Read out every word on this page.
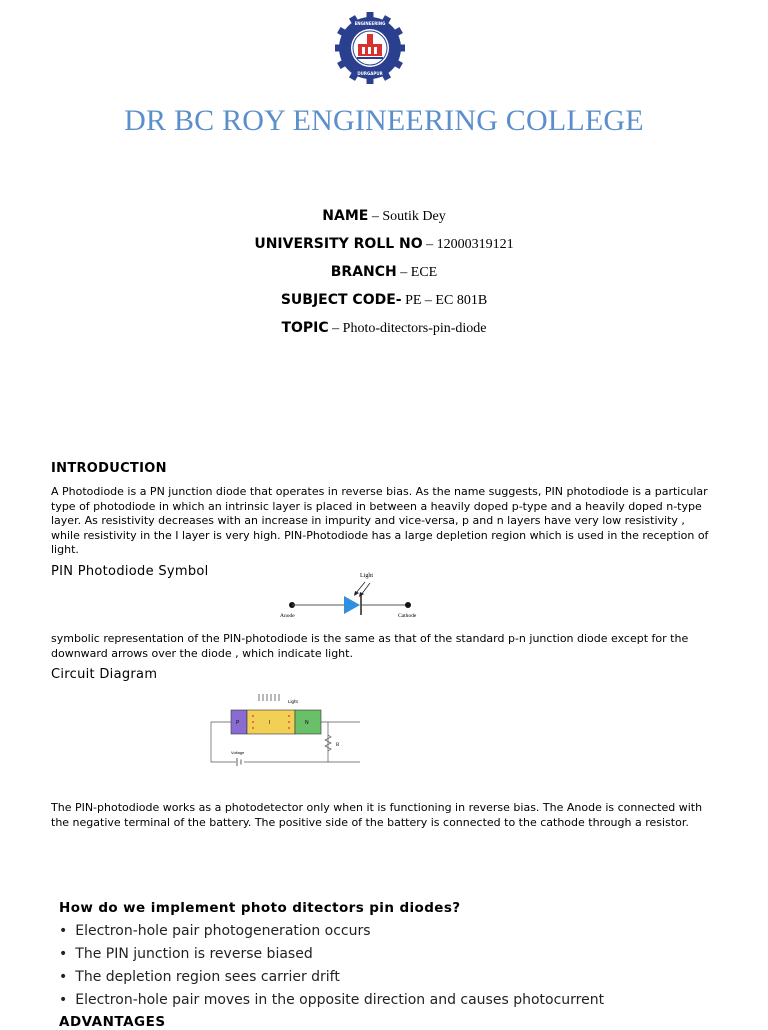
ENGINEERING
DURGAPUR
DR BC ROY ENGINEERING COLLEGE
NAME – Soutik Dey
UNIVERSITY ROLL NO – 12000319121
BRANCH – ECE
SUBJECT CODE- PE – EC 801B
TOPIC – Photo-ditectors-pin-diode
INTRODUCTION
A Photodiode is a PN junction diode that operates in reverse bias. As the name suggests, PIN photodiode is a particular
type of photodiode in which an intrinsic layer is placed in between a heavily doped p-type and a heavily doped n-type
layer. As resistivity decreases with an increase in impurity and vice-versa, p and n layers have very low resistivity ,
while resistivity in the I layer is very high. PIN-Photodiode has a large depletion region which is used in the reception of
light.
PIN Photodiode Symbol	Light
Anode	Cathode
symbolic representation of the PIN-photodiode is the same as that of the standard p-n junction diode except for the
downward arrows over the diode , which indicate light.
Circuit Diagram
Light
P	I	N
R
Voltage
The PIN-photodiode works as a photodetector only when it is functioning in reverse bias. The Anode is connected with
the negative terminal of the battery. The positive side of the battery is connected to the cathode through a resistor.
How do we implement photo ditectors pin diodes?
• Electron-hole pair photogeneration occurs
• The PIN junction is reverse biased
• The depletion region sees carrier drift
• Electron-hole pair moves in the opposite direction and causes photocurrent
ADVANTAGES
